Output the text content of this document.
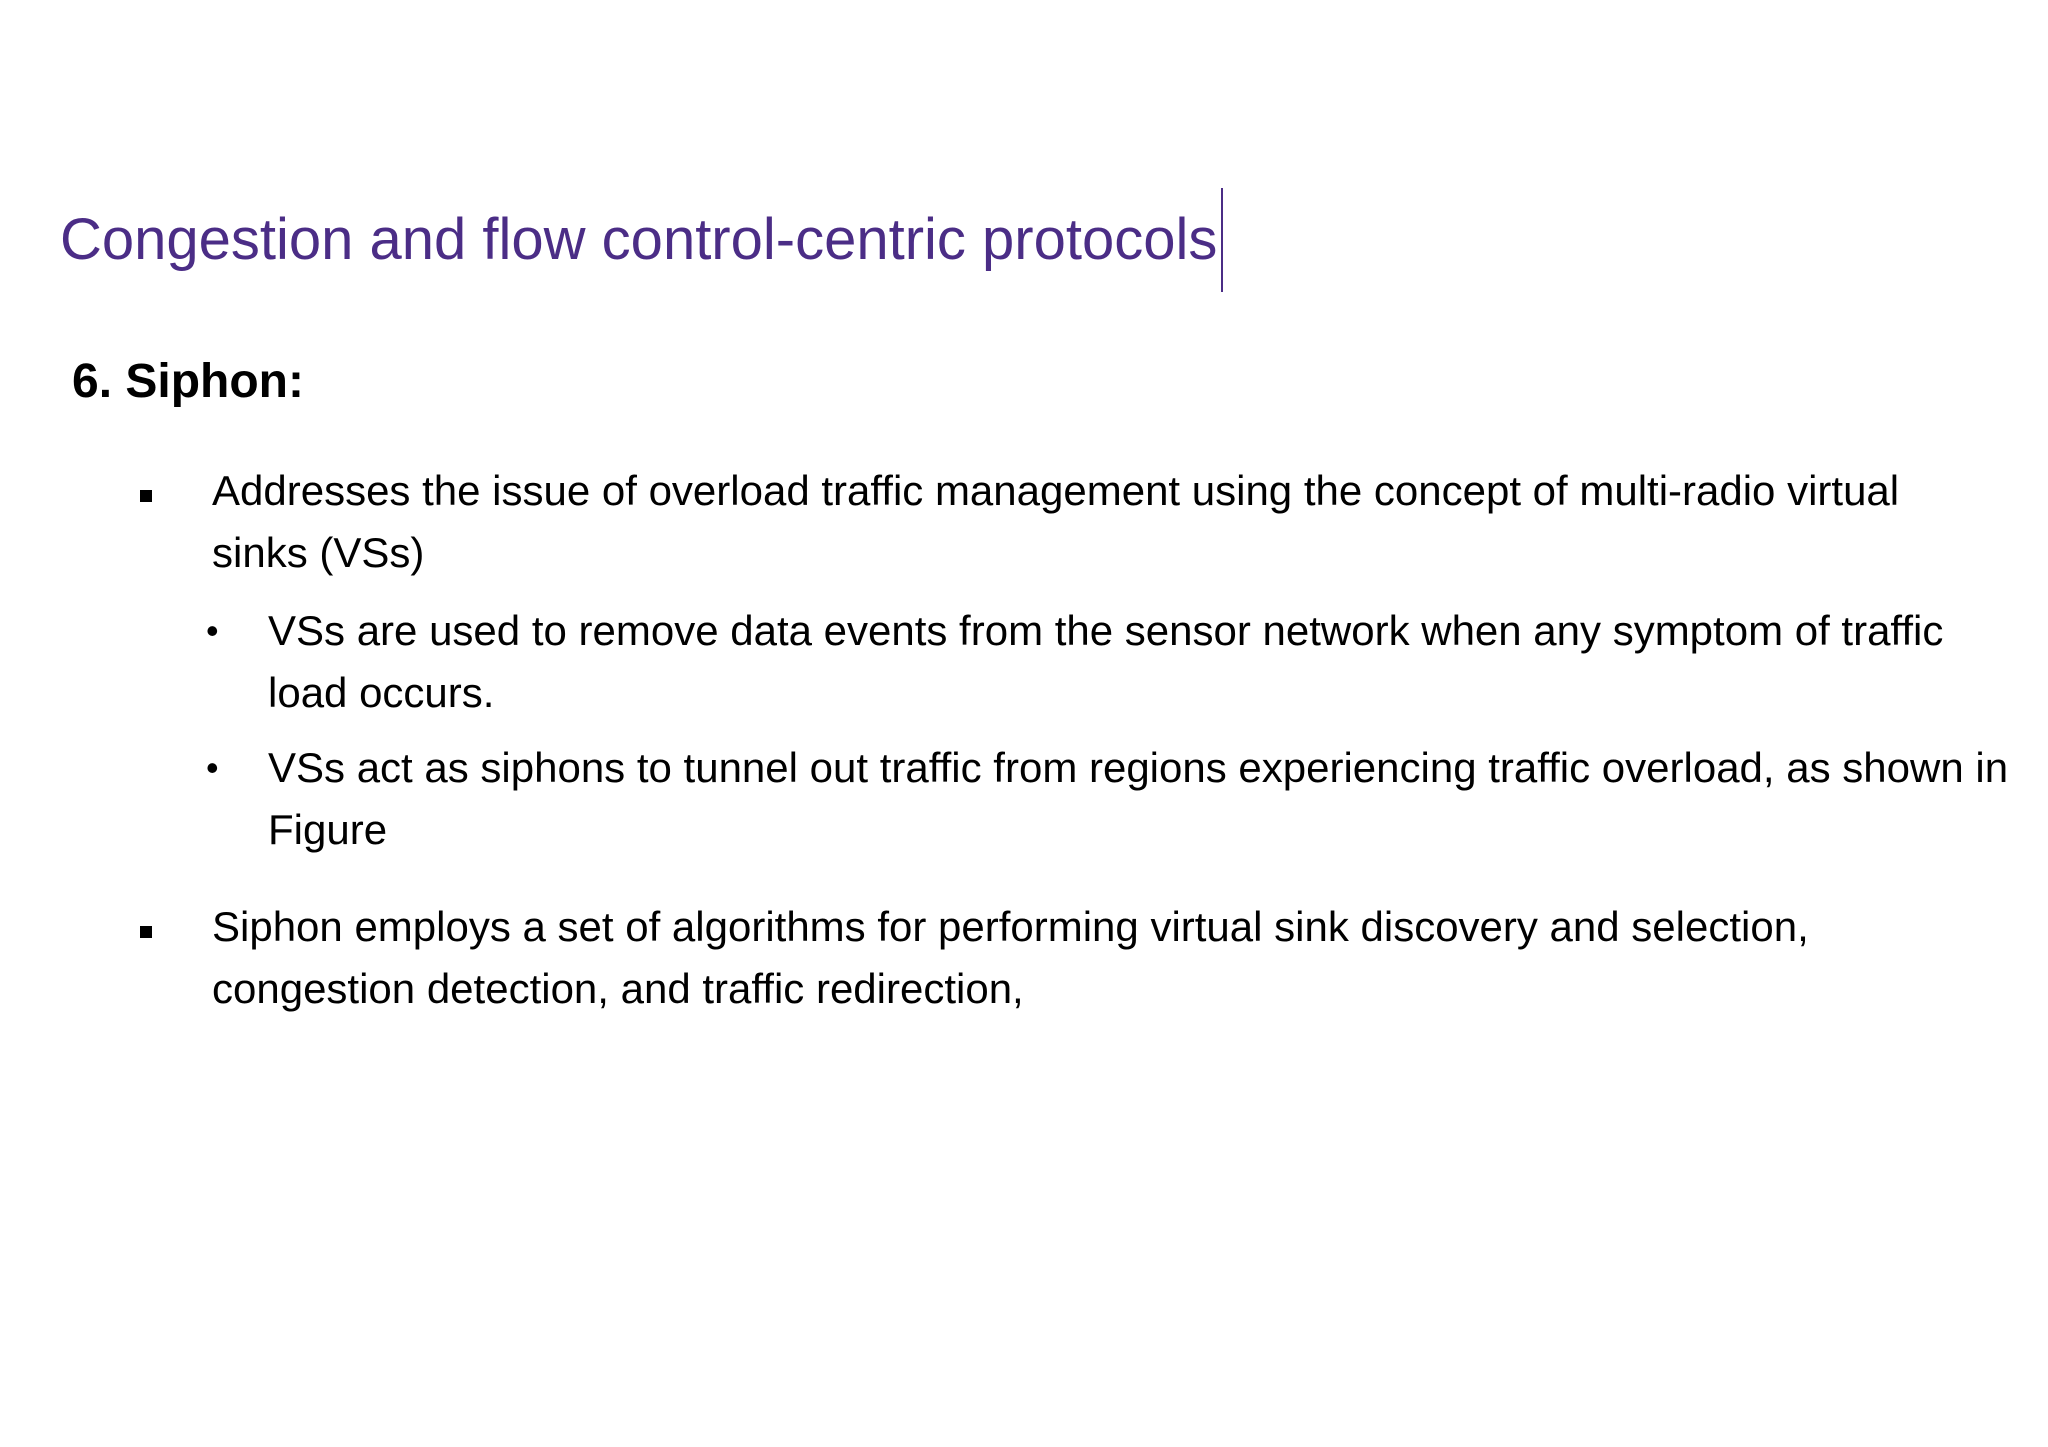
Congestion and flow control-centric protocols
6. Siphon:
Addresses the issue of overload traffic management using the concept of multi-radio virtual sinks (VSs)
•	VSs are used to remove data events from the sensor network when any symptom of traffic load occurs.
•	VSs act as siphons to tunnel out traffic from regions experiencing traffic overload, as shown in Figure
Siphon employs a set of algorithms for performing virtual sink discovery and selection, congestion detection, and traffic redirection,
